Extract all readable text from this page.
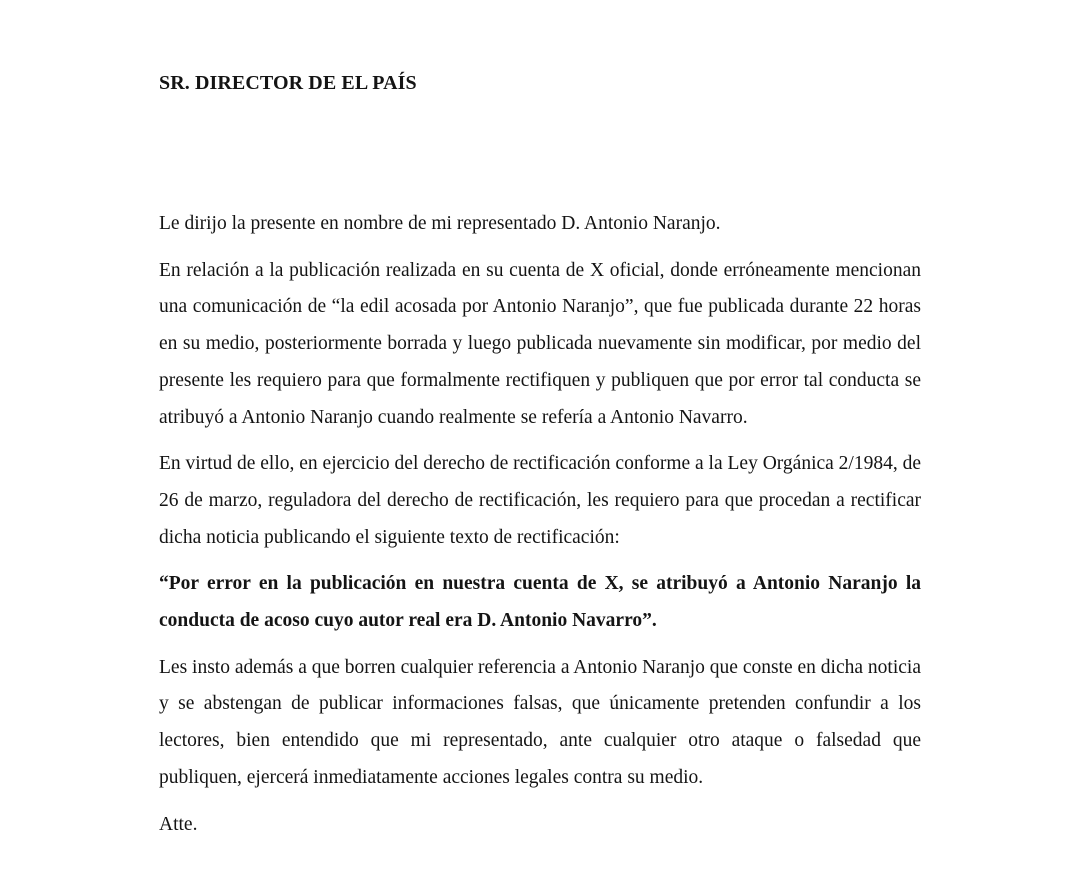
SR. DIRECTOR DE EL PAÍS

Le dirijo la presente en nombre de mi representado D. Antonio Naranjo.

En relación a la publicación realizada en su cuenta de X oficial, donde erróneamente mencionan una comunicación de “la edil acosada por Antonio Naranjo”, que fue publicada durante 22 horas en su medio, posteriormente borrada y luego publicada nuevamente sin modificar, por medio del presente les requiero para que formalmente rectifiquen y publiquen que por error tal conducta se atribuyó a Antonio Naranjo cuando realmente se refería a Antonio Navarro.

En virtud de ello, en ejercicio del derecho de rectificación conforme a la Ley Orgánica 2/1984, de 26 de marzo, reguladora del derecho de rectificación, les requiero para que procedan a rectificar dicha noticia publicando el siguiente texto de rectificación:

“Por error en la publicación en nuestra cuenta de X, se atribuyó a Antonio Naranjo la conducta de acoso cuyo autor real era D. Antonio Navarro”.

Les insto además a que borren cualquier referencia a Antonio Naranjo que conste en dicha noticia y se abstengan de publicar informaciones falsas, que únicamente pretenden confundir a los lectores, bien entendido que mi representado, ante cualquier otro ataque o falsedad que publiquen, ejercerá inmediatamente acciones legales contra su medio.

Atte.
